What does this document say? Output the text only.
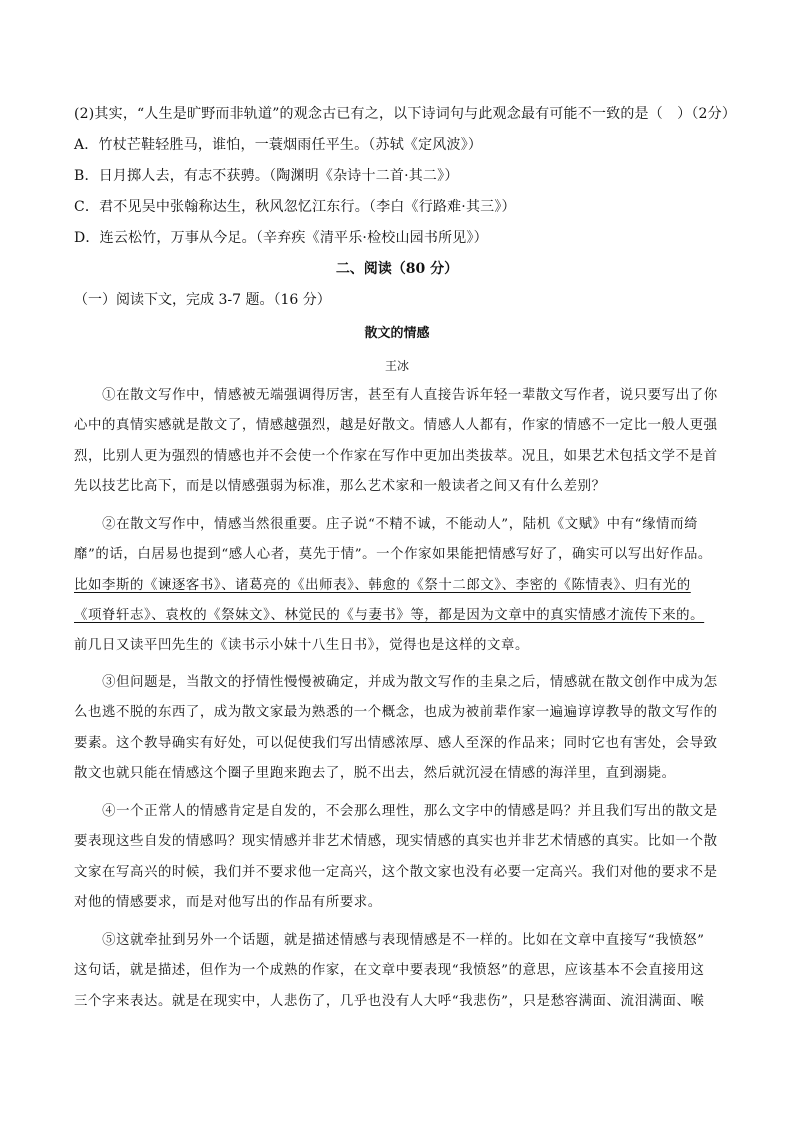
(2)其实，“人生是旷野而非轨道”的观念古已有之，以下诗词句与此观念最有可能不一致的是（　）（2分）
A．竹杖芒鞋轻胜马，谁怕，一蓑烟雨任平生。（苏轼《定风波》）
B．日月掷人去，有志不获骋。（陶渊明《杂诗十二首·其二》）
C．君不见吴中张翰称达生，秋风忽忆江东行。（李白《行路难·其三》）
D．连云松竹，万事从今足。（辛弃疾《清平乐·检校山园书所见》）
二、阅读（80 分）
（一）阅读下文，完成 3-7 题。（16 分）
散文的情感
王冰
①在散文写作中，情感被无端强调得厉害，甚至有人直接告诉年轻一辈散文写作者，说只要写出了你
心中的真情实感就是散文了，情感越强烈，越是好散文。情感人人都有，作家的情感不一定比一般人更强
烈，比别人更为强烈的情感也并不会使一个作家在写作中更加出类拔萃。况且，如果艺术包括文学不是首
先以技艺比高下，而是以情感强弱为标准，那么艺术家和一般读者之间又有什么差别？
②在散文写作中，情感当然很重要。庄子说“不精不诚，不能动人”，陆机《文赋》中有“缘情而绮
靡”的话，白居易也提到“感人心者，莫先于情”。一个作家如果能把情感写好了，确实可以写出好作品。
比如李斯的《谏逐客书》、诸葛亮的《出师表》、韩愈的《祭十二郎文》、李密的《陈情表》、归有光的
《项脊轩志》、袁枚的《祭妹文》、林觉民的《与妻书》等，都是因为文章中的真实情感才流传下来的。
前几日又读平凹先生的《读书示小妹十八生日书》，觉得也是这样的文章。
③但问题是，当散文的抒情性慢慢被确定，并成为散文写作的圭臬之后，情感就在散文创作中成为怎
么也逃不脱的东西了，成为散文家最为熟悉的一个概念，也成为被前辈作家一遍遍谆谆教导的散文写作的
要素。这个教导确实有好处，可以促使我们写出情感浓厚、感人至深的作品来；同时它也有害处，会导致
散文也就只能在情感这个圈子里跑来跑去了，脱不出去，然后就沉浸在情感的海洋里，直到溺毙。
④一个正常人的情感肯定是自发的，不会那么理性，那么文字中的情感是吗？并且我们写出的散文是
要表现这些自发的情感吗？现实情感并非艺术情感，现实情感的真实也并非艺术情感的真实。比如一个散
文家在写高兴的时候，我们并不要求他一定高兴，这个散文家也没有必要一定高兴。我们对他的要求不是
对他的情感要求，而是对他写出的作品有所要求。
⑤这就牵扯到另外一个话题，就是描述情感与表现情感是不一样的。比如在文章中直接写“我愤怒”
这句话，就是描述，但作为一个成熟的作家，在文章中要表现“我愤怒”的意思，应该基本不会直接用这
三个字来表达。就是在现实中，人悲伤了，几乎也没有人大呼“我悲伤”，只是愁容满面、流泪满面、喉
